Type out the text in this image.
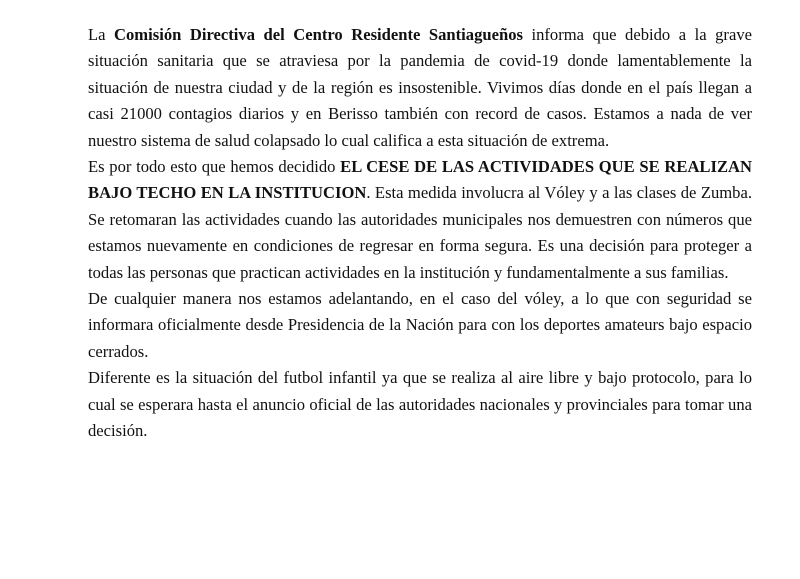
La Comisión Directiva del Centro Residente Santiagueños informa que debido a la grave situación sanitaria que se atraviesa por la pandemia de covid-19 donde lamentablemente la situación de nuestra ciudad y de la región es insostenible. Vivimos días donde en el país llegan a casi 21000 contagios diarios y en Berisso también con record de casos. Estamos a nada de ver nuestro sistema de salud colapsado lo cual califica a esta situación de extrema.

Es por todo esto que hemos decidido EL CESE DE LAS ACTIVIDADES QUE SE REALIZAN BAJO TECHO EN LA INSTITUCION. Esta medida involucra al Vóley y a las clases de Zumba. Se retomaran las actividades cuando las autoridades municipales nos demuestren con números que estamos nuevamente en condiciones de regresar en forma segura. Es una decisión para proteger a todas las personas que practican actividades en la institución y fundamentalmente a sus familias.

De cualquier manera nos estamos adelantando, en el caso del vóley, a lo que con seguridad se informara oficialmente desde Presidencia de la Nación para con los deportes amateurs bajo espacio cerrados.

Diferente es la situación del futbol infantil ya que se realiza al aire libre y bajo protocolo, para lo cual se esperara hasta el anuncio oficial de las autoridades nacionales y provinciales para tomar una decisión.
